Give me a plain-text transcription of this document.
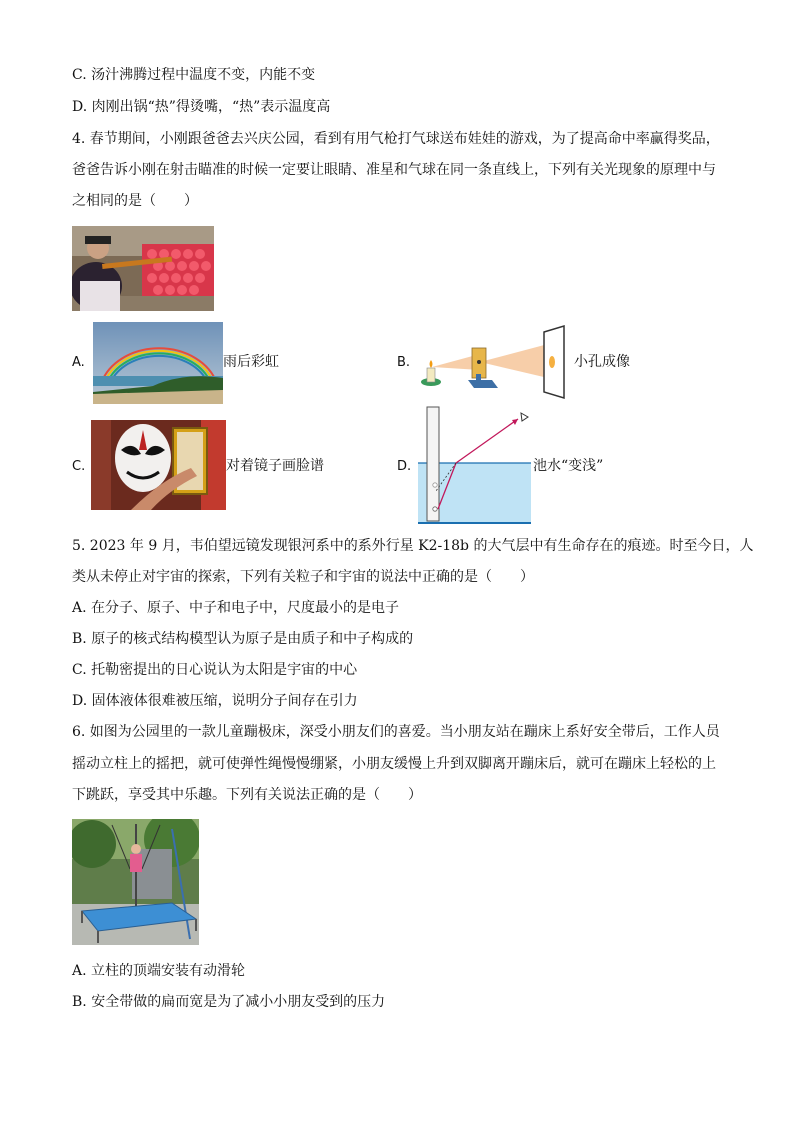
C. 汤汁沸腾过程中温度不变，内能不变
D. 肉刚出锅“热”得烫嘴，“热”表示温度高
4. 春节期间，小刚跟爸爸去兴庆公园，看到有用气枪打气球送布娃娃的游戏，为了提高命中率赢得奖品，
爸爸告诉小刚在射击瞄准的时候一定要让眼睛、准星和气球在同一条直线上，下列有关光现象的原理中与
之相同的是（　　）
A.	雨后彩虹	B.	小孔成像
C.	对着镜子画脸谱	D.	池水“变浅”
5. 2023 年 9 月，韦伯望远镜发现银河系中的系外行星 K2-18b 的大气层中有生命存在的痕迹。时至今日，人
类从未停止对宇宙的探索，下列有关粒子和宇宙的说法中正确的是（　　）
A. 在分子、原子、中子和电子中，尺度最小的是电子
B. 原子的核式结构模型认为原子是由质子和中子构成的
C. 托勒密提出的日心说认为太阳是宇宙的中心
D. 固体液体很难被压缩，说明分子间存在引力
6. 如图为公园里的一款儿童蹦极床，深受小朋友们的喜爱。当小朋友站在蹦床上系好安全带后，工作人员
摇动立柱上的摇把，就可使弹性绳慢慢绷紧，小朋友缓慢上升到双脚离开蹦床后，就可在蹦床上轻松的上
下跳跃，享受其中乐趣。下列有关说法正确的是（　　）
A. 立柱的顶端安装有动滑轮
B. 安全带做的扁而宽是为了减小小朋友受到的压力
